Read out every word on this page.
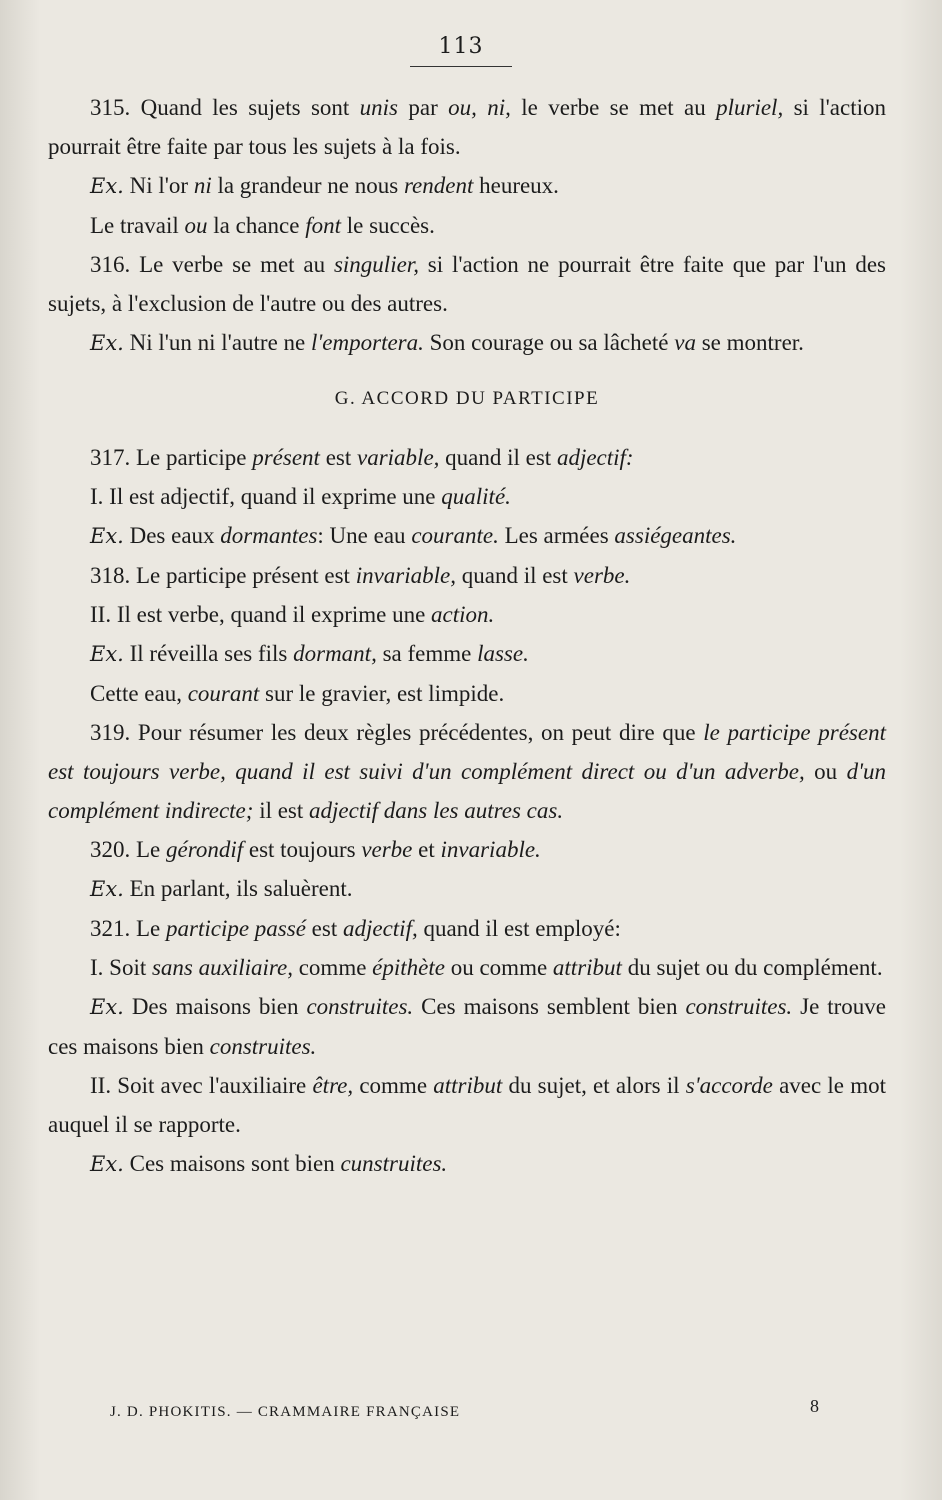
113

315. Quand les sujets sont unis par ou, ni, le verbe se met au pluriel, si l'action pourrait être faite par tous les sujets à la fois.

Ex. Ni l'or ni la grandeur ne nous rendent heureux.

Le travail ou la chance font le succès.

316. Le verbe se met au singulier, si l'action ne pourrait être faite que par l'un des sujets, à l'exclusion de l'autre ou des autres.

Ex. Ni l'un ni l'autre ne l'emportera. Son courage ou sa lâcheté va se montrer.

G. ACCORD DU PARTICIPE

317. Le participe présent est variable, quand il est adjectif:

I. Il est adjectif, quand il exprime une qualité.

Ex. Des eaux dormantes: Une eau courante. Les armées assiégeantes.

318. Le participe présent est invariable, quand il est verbe.

II. Il est verbe, quand il exprime une action.

Ex. Il réveilla ses fils dormant, sa femme lasse.

Cette eau, courant sur le gravier, est limpide.

319. Pour résumer les deux règles précédentes, on peut dire que le participe présent est toujours verbe, quand il est suivi d'un complément direct ou d'un adverbe, ou d'un complément indirecte; il est adjectif dans les autres cas.

320. Le gérondif est toujours verbe et invariable.

Ex. En parlant, ils saluèrent.

321. Le participe passé est adjectif, quand il est employé:

I. Soit sans auxiliaire, comme épithète ou comme attribut du sujet ou du complément.

Ex. Des maisons bien construites. Ces maisons semblent bien construites. Je trouve ces maisons bien construites.

II. Soit avec l'auxiliaire être, comme attribut du sujet, et alors il s'accorde avec le mot auquel il se rapporte.

Ex. Ces maisons sont bien cunstruites.

J. D. PHOKITIS. — CRAMMAIRE FRANÇAISE	8
